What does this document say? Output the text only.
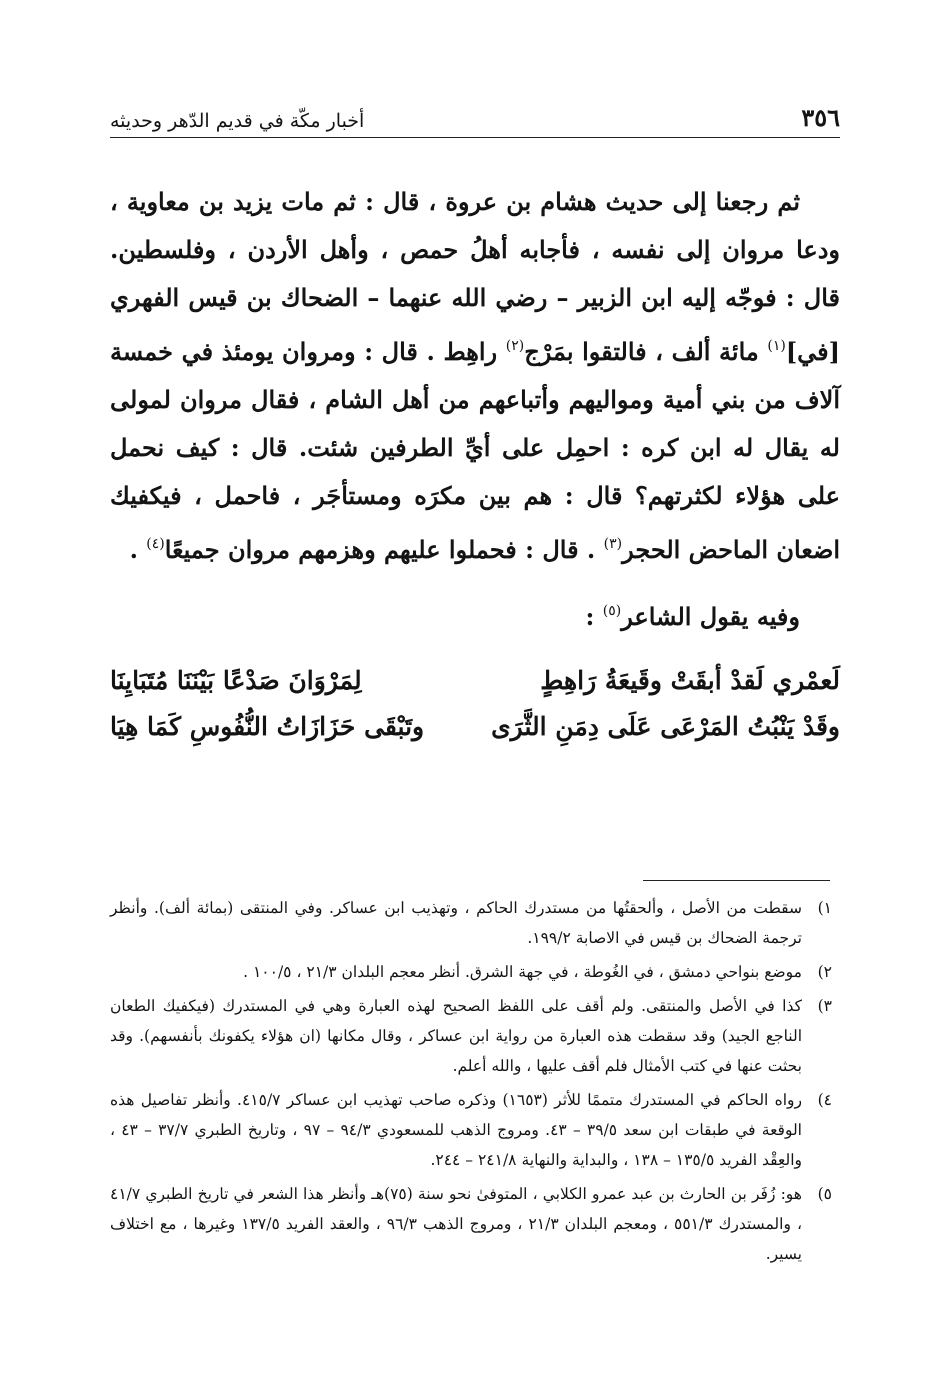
٣٥٦
أخبار مكّة في قديم الدّهر وحديثه

ثم رجعنا إلى حديث هشام بن عروة ، قال : ثم مات يزيد بن معاوية ، ودعا مروان إلى نفسه ، فأجابه أهلُ حمص ، وأهل الأردن ، وفلسطين. قال : فوجّه إليه ابن الزبير – رضي الله عنهما – الضحاك بن قيس الفهري [في]$^{(١)}$ مائة ألف ، فالتقوا بمَرْج$^{(٢)}$ راهِط . قال : ومروان يومئذ في خمسة آلاف من بني أمية ومواليهم وأتباعهم من أهل الشام ، فقال مروان لمولى له يقال له ابن كره : احمِل على أيِّ الطرفين شئت. قال : كيف نحمل على هؤلاء لكثرتهم؟ قال : هم بين مكرَه ومستأجَر ، فاحمل ، فيكفيك اضعان الماحض الحجر$^{(٣)}$ . قال : فحملوا عليهم وهزمهم مروان جميعًا$^{(٤)}$ .

وفيه يقول الشاعر$^{(٥)}$ :
لَعمْري لَقدْ أبقَتْ وقَيعَةُ رَاهِطٍ
لِمَرْوَانَ صَدْعًا بَيْنَنَا مُتَبَايِنَا
وقَدْ يَنْبُتُ المَرْعَى عَلَى دِمَنِ الثَّرَى
وتَبْقَى حَزَازَاتُ النُّفُوسِ كَمَا هِيَا
١)
سقطت من الأصل ، وألحقتُها من مستدرك الحاكم ، وتهذيب ابن عساكر. وفي المنتقى (بمائة ألف). وأنظر ترجمة الضحاك بن قيس في الاصابة ١٩٩/٢.
٢)
موضع بنواحي دمشق ، في الغُوطة ، في جهة الشرق. أنظر معجم البلدان ٢١/٣ ، ١٠٠/٥ .
٣)
كذا في الأصل والمنتقى. ولم أقف على اللفظ الصحيح لهذه العبارة وهي في المستدرك (فيكفيك الطعان الناجع الجيد) وقد سقطت هذه العبارة من رواية ابن عساكر ، وقال مكانها (ان هؤلاء يكفونك بأنفسهم). وقد بحثت عنها في كتب الأمثال فلم أقف عليها ، والله أعلم.
٤)
رواه الحاكم في المستدرك متممًا للأثر (١٦٥٣) وذكره صاحب تهذيب ابن عساكر ٤١٥/٧. وأنظر تفاصيل هذه الوقعة في طبقات ابن سعد ٣٩/٥ – ٤٣. ومروج الذهب للمسعودي ٩٤/٣ – ٩٧ ، وتاريخ الطبري ٣٧/٧ – ٤٣ ، والعِقْد الفريد ١٣٥/٥ – ١٣٨ ، والبداية والنهاية ٢٤١/٨ – ٢٤٤.
٥)
هو: زُفَر بن الحارث بن عبد عمرو الكلابي ، المتوفىٰ نحو سنة (٧٥)هـ وأنظر هذا الشعر في تاريخ الطبري ٤١/٧ ، والمستدرك ٥٥١/٣ ، ومعجم البلدان ٢١/٣ ، ومروج الذهب ٩٦/٣ ، والعقد الفريد ١٣٧/٥ وغيرها ، مع اختلاف يسير.
